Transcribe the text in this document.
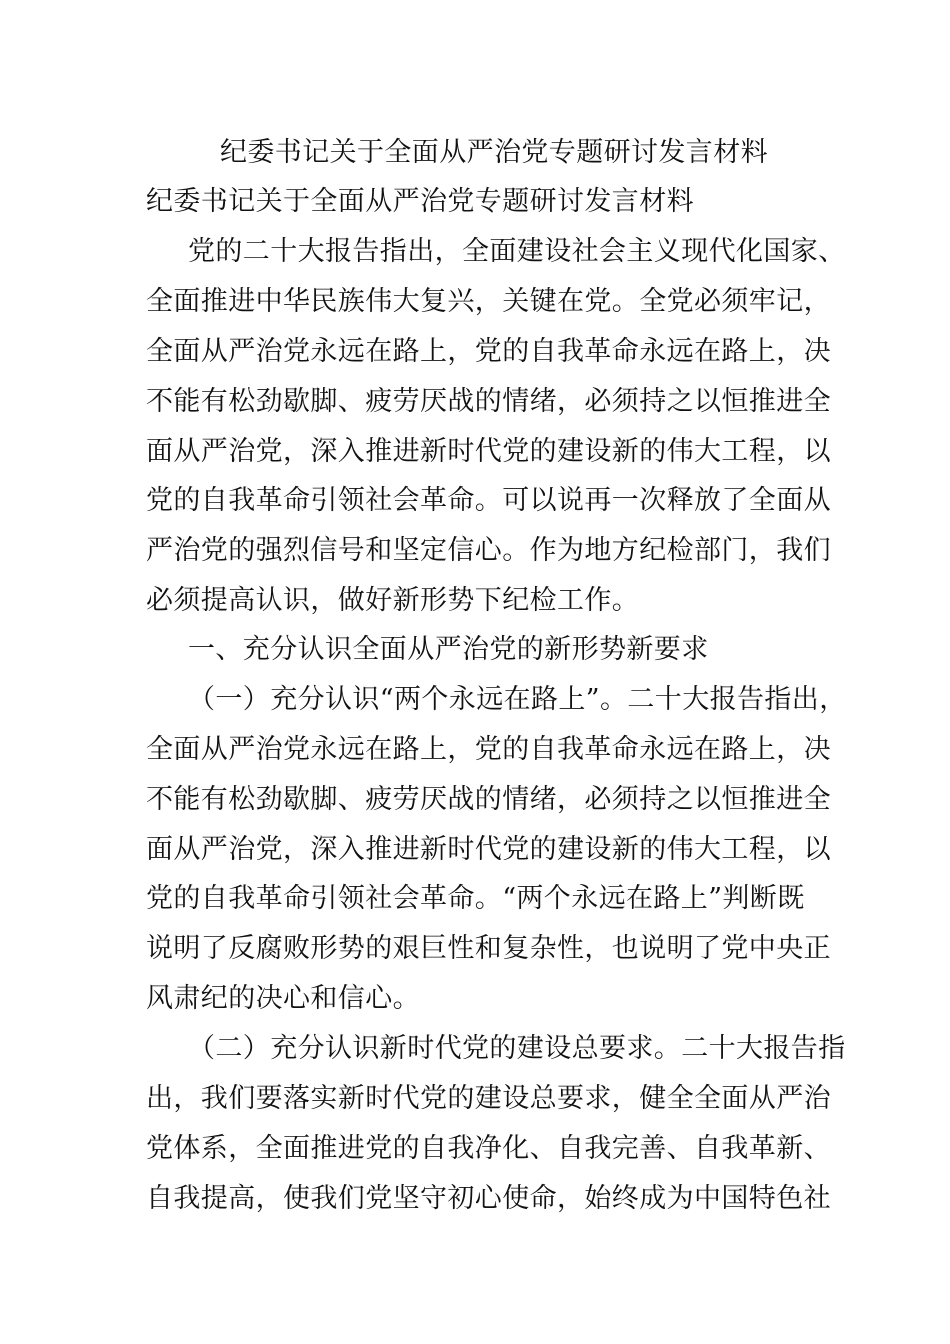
纪委书记关于全面从严治党专题研讨发言材料
纪委书记关于全面从严治党专题研讨发言材料
党的二十大报告指出，全面建设社会主义现代化国家、
全面推进中华民族伟大复兴，关键在党。全党必须牢记，
全面从严治党永远在路上，党的自我革命永远在路上，决
不能有松劲歇脚、疲劳厌战的情绪，必须持之以恒推进全
面从严治党，深入推进新时代党的建设新的伟大工程，以
党的自我革命引领社会革命。可以说再一次释放了全面从
严治党的强烈信号和坚定信心。作为地方纪检部门，我们
必须提高认识，做好新形势下纪检工作。
一、充分认识全面从严治党的新形势新要求
（一）充分认识“两个永远在路上”。二十大报告指出，
全面从严治党永远在路上，党的自我革命永远在路上，决
不能有松劲歇脚、疲劳厌战的情绪，必须持之以恒推进全
面从严治党，深入推进新时代党的建设新的伟大工程，以
党的自我革命引领社会革命。“两个永远在路上”判断既
说明了反腐败形势的艰巨性和复杂性，也说明了党中央正
风肃纪的决心和信心。
（二）充分认识新时代党的建设总要求。二十大报告指
出，我们要落实新时代党的建设总要求，健全全面从严治
党体系，全面推进党的自我净化、自我完善、自我革新、
自我提高，使我们党坚守初心使命，始终成为中国特色社
